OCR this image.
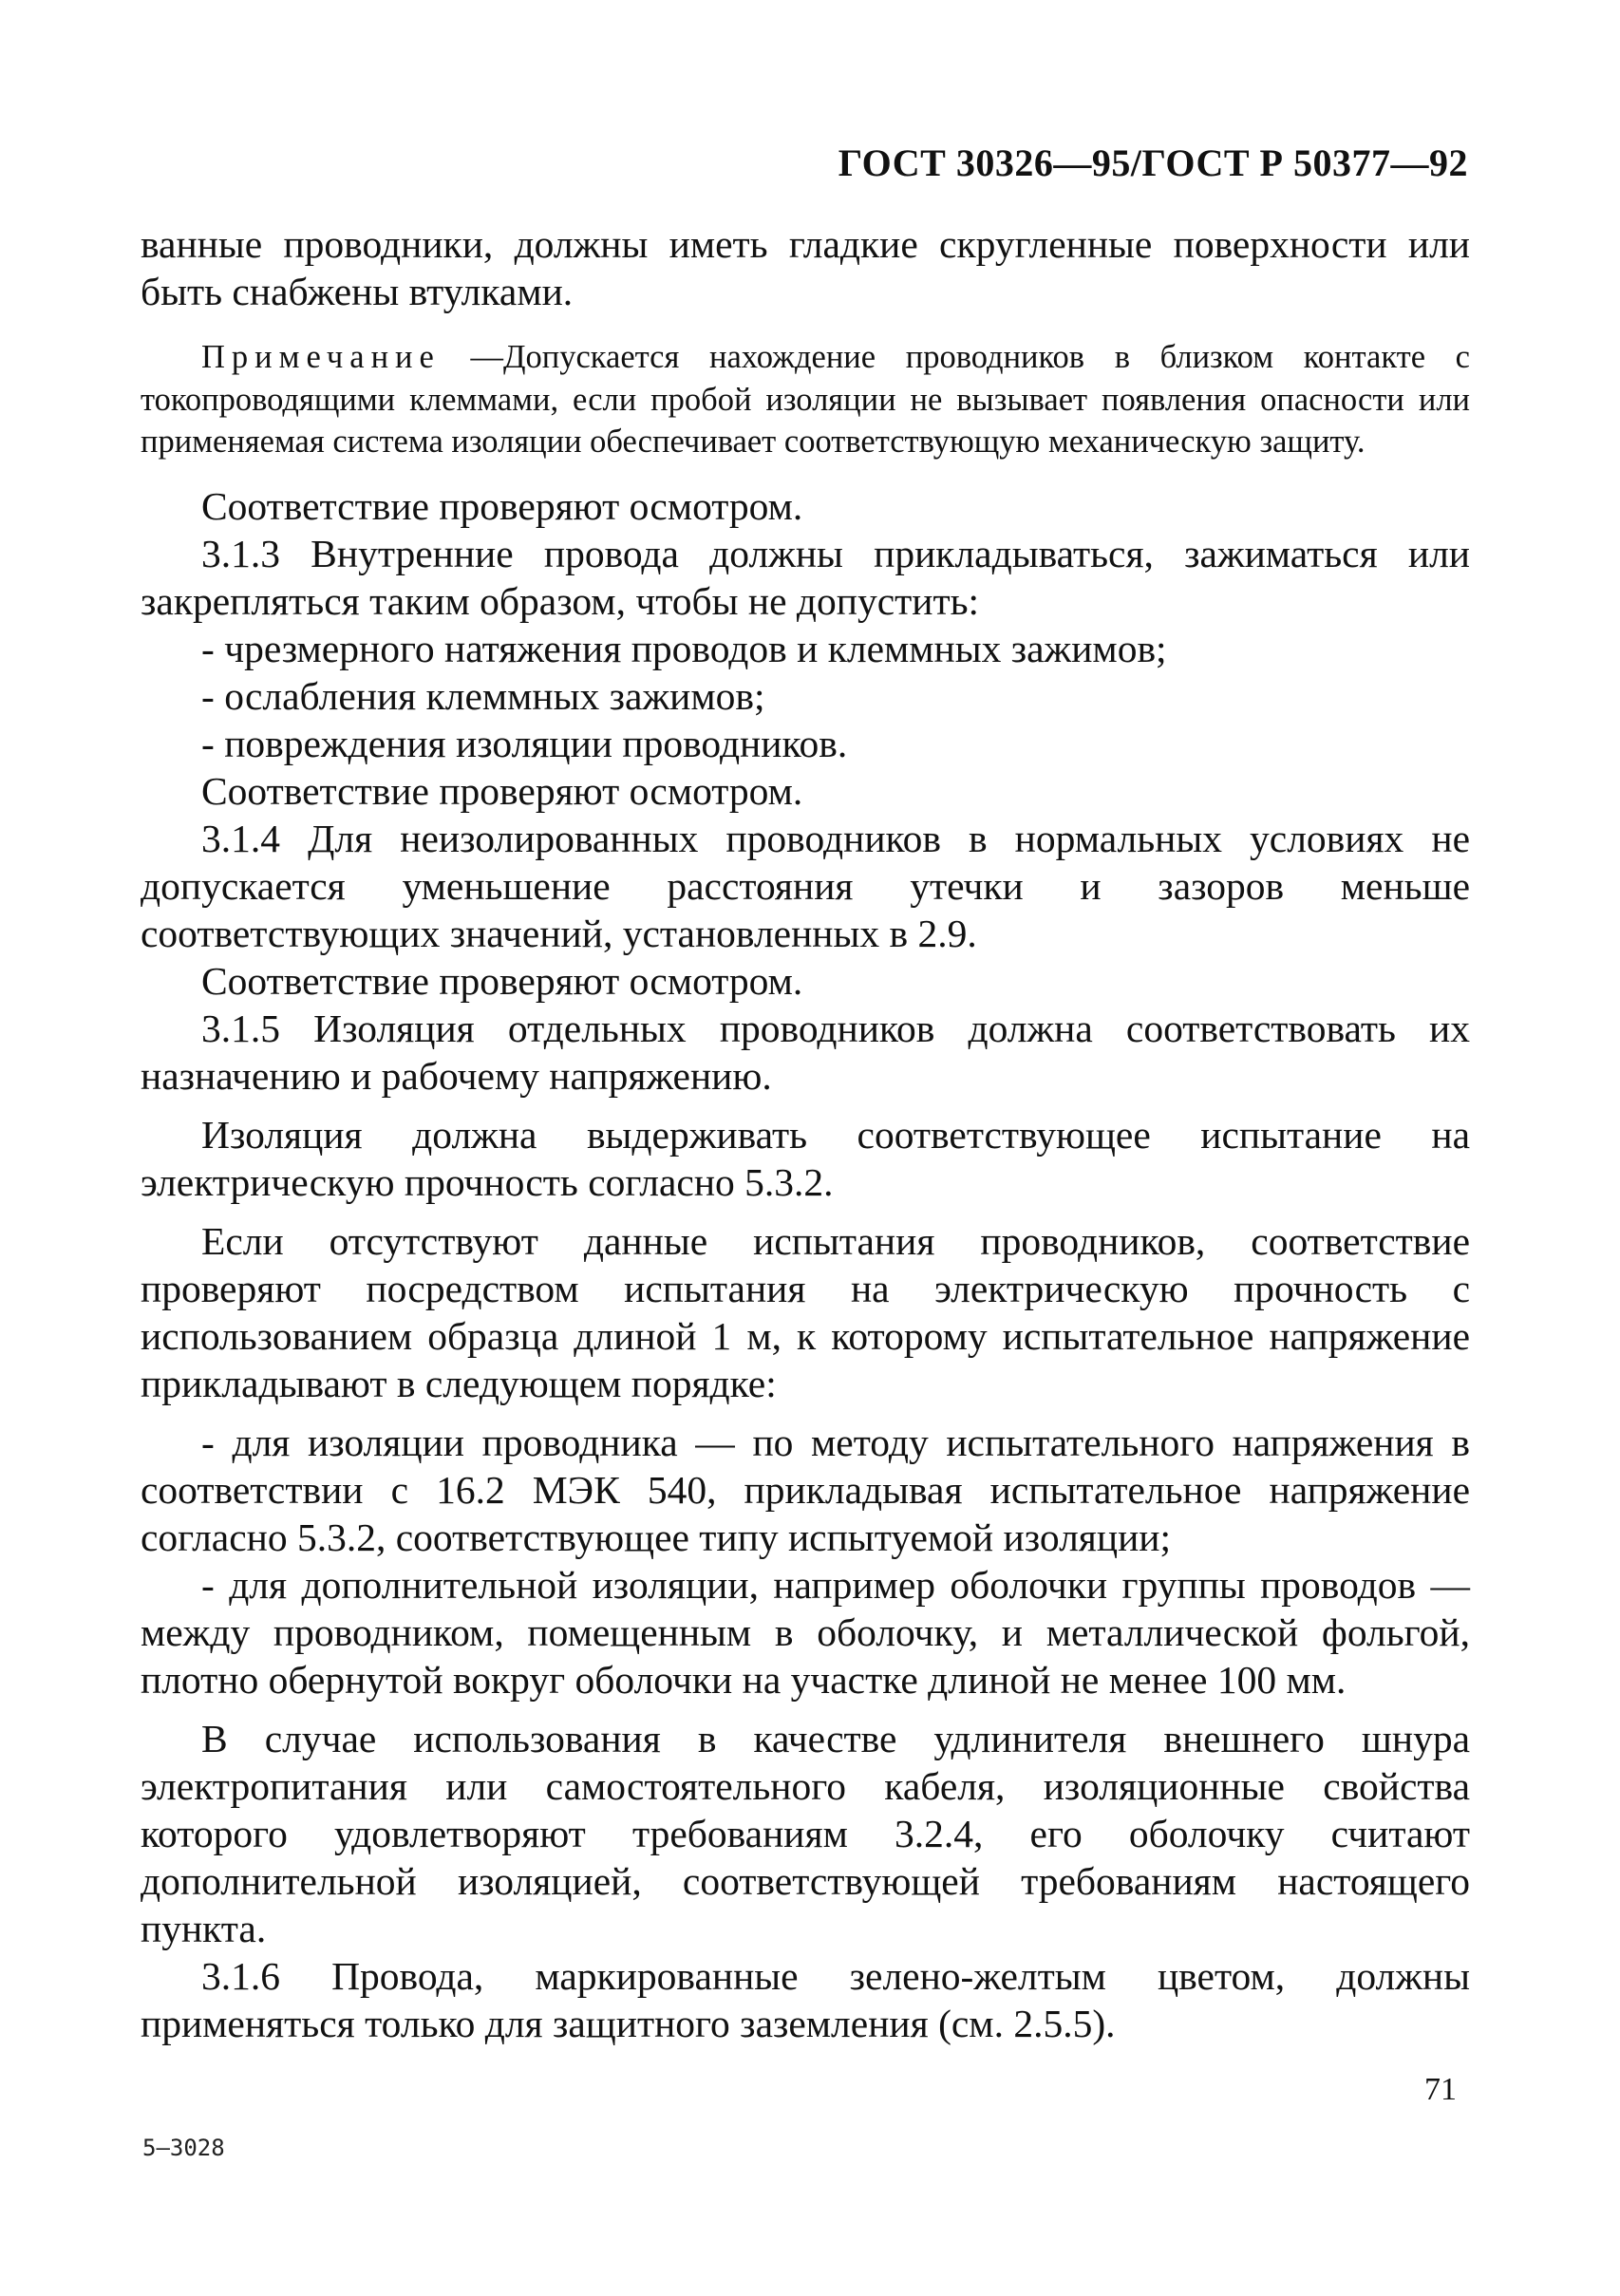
ГОСТ 30326—95/ГОСТ Р 50377—92

ванные проводники, должны иметь гладкие скругленные поверхности или быть снабжены втулками.

Примечание —Допускается нахождение проводников в близком контакте с токопроводящими клеммами, если пробой изоляции не вызывает появления опасности или применяемая система изоляции обеспечивает соответствующую механическую защиту.

Соответствие проверяют осмотром.

3.1.3 Внутренние провода должны прикладываться, зажиматься или закрепляться таким образом, чтобы не допустить:

- чрезмерного натяжения проводов и клеммных зажимов;

- ослабления клеммных зажимов;

- повреждения изоляции проводников.

Соответствие проверяют осмотром.

3.1.4 Для неизолированных проводников в нормальных условиях не допускается уменьшение расстояния утечки и зазоров меньше соответствующих значений, установленных в 2.9.

Соответствие проверяют осмотром.

3.1.5 Изоляция отдельных проводников должна соответствовать их назначению и рабочему напряжению.

Изоляция должна выдерживать соответствующее испытание на электрическую прочность согласно 5.3.2.

Если отсутствуют данные испытания проводников, соответствие проверяют посредством испытания на электрическую прочность с использованием образца длиной 1 м, к которому испытательное напряжение прикладывают в следующем порядке:

- для изоляции проводника — по методу испытательного напряжения в соответствии с 16.2 МЭК 540, прикладывая испытательное напряжение согласно 5.3.2, соответствующее типу испытуемой изоляции;

- для дополнительной изоляции, например оболочки группы проводов — между проводником, помещенным в оболочку, и металлической фольгой, плотно обернутой вокруг оболочки на участке длиной не менее 100 мм.

В случае использования в качестве удлинителя внешнего шнура электропитания или самостоятельного кабеля, изоляционные свойства которого удовлетворяют требованиям 3.2.4, его оболочку считают дополнительной изоляцией, соответствующей требованиям настоящего пункта.

3.1.6 Провода, маркированные зелено-желтым цветом, должны применяться только для защитного заземления (см. 2.5.5).

71
5—3028
